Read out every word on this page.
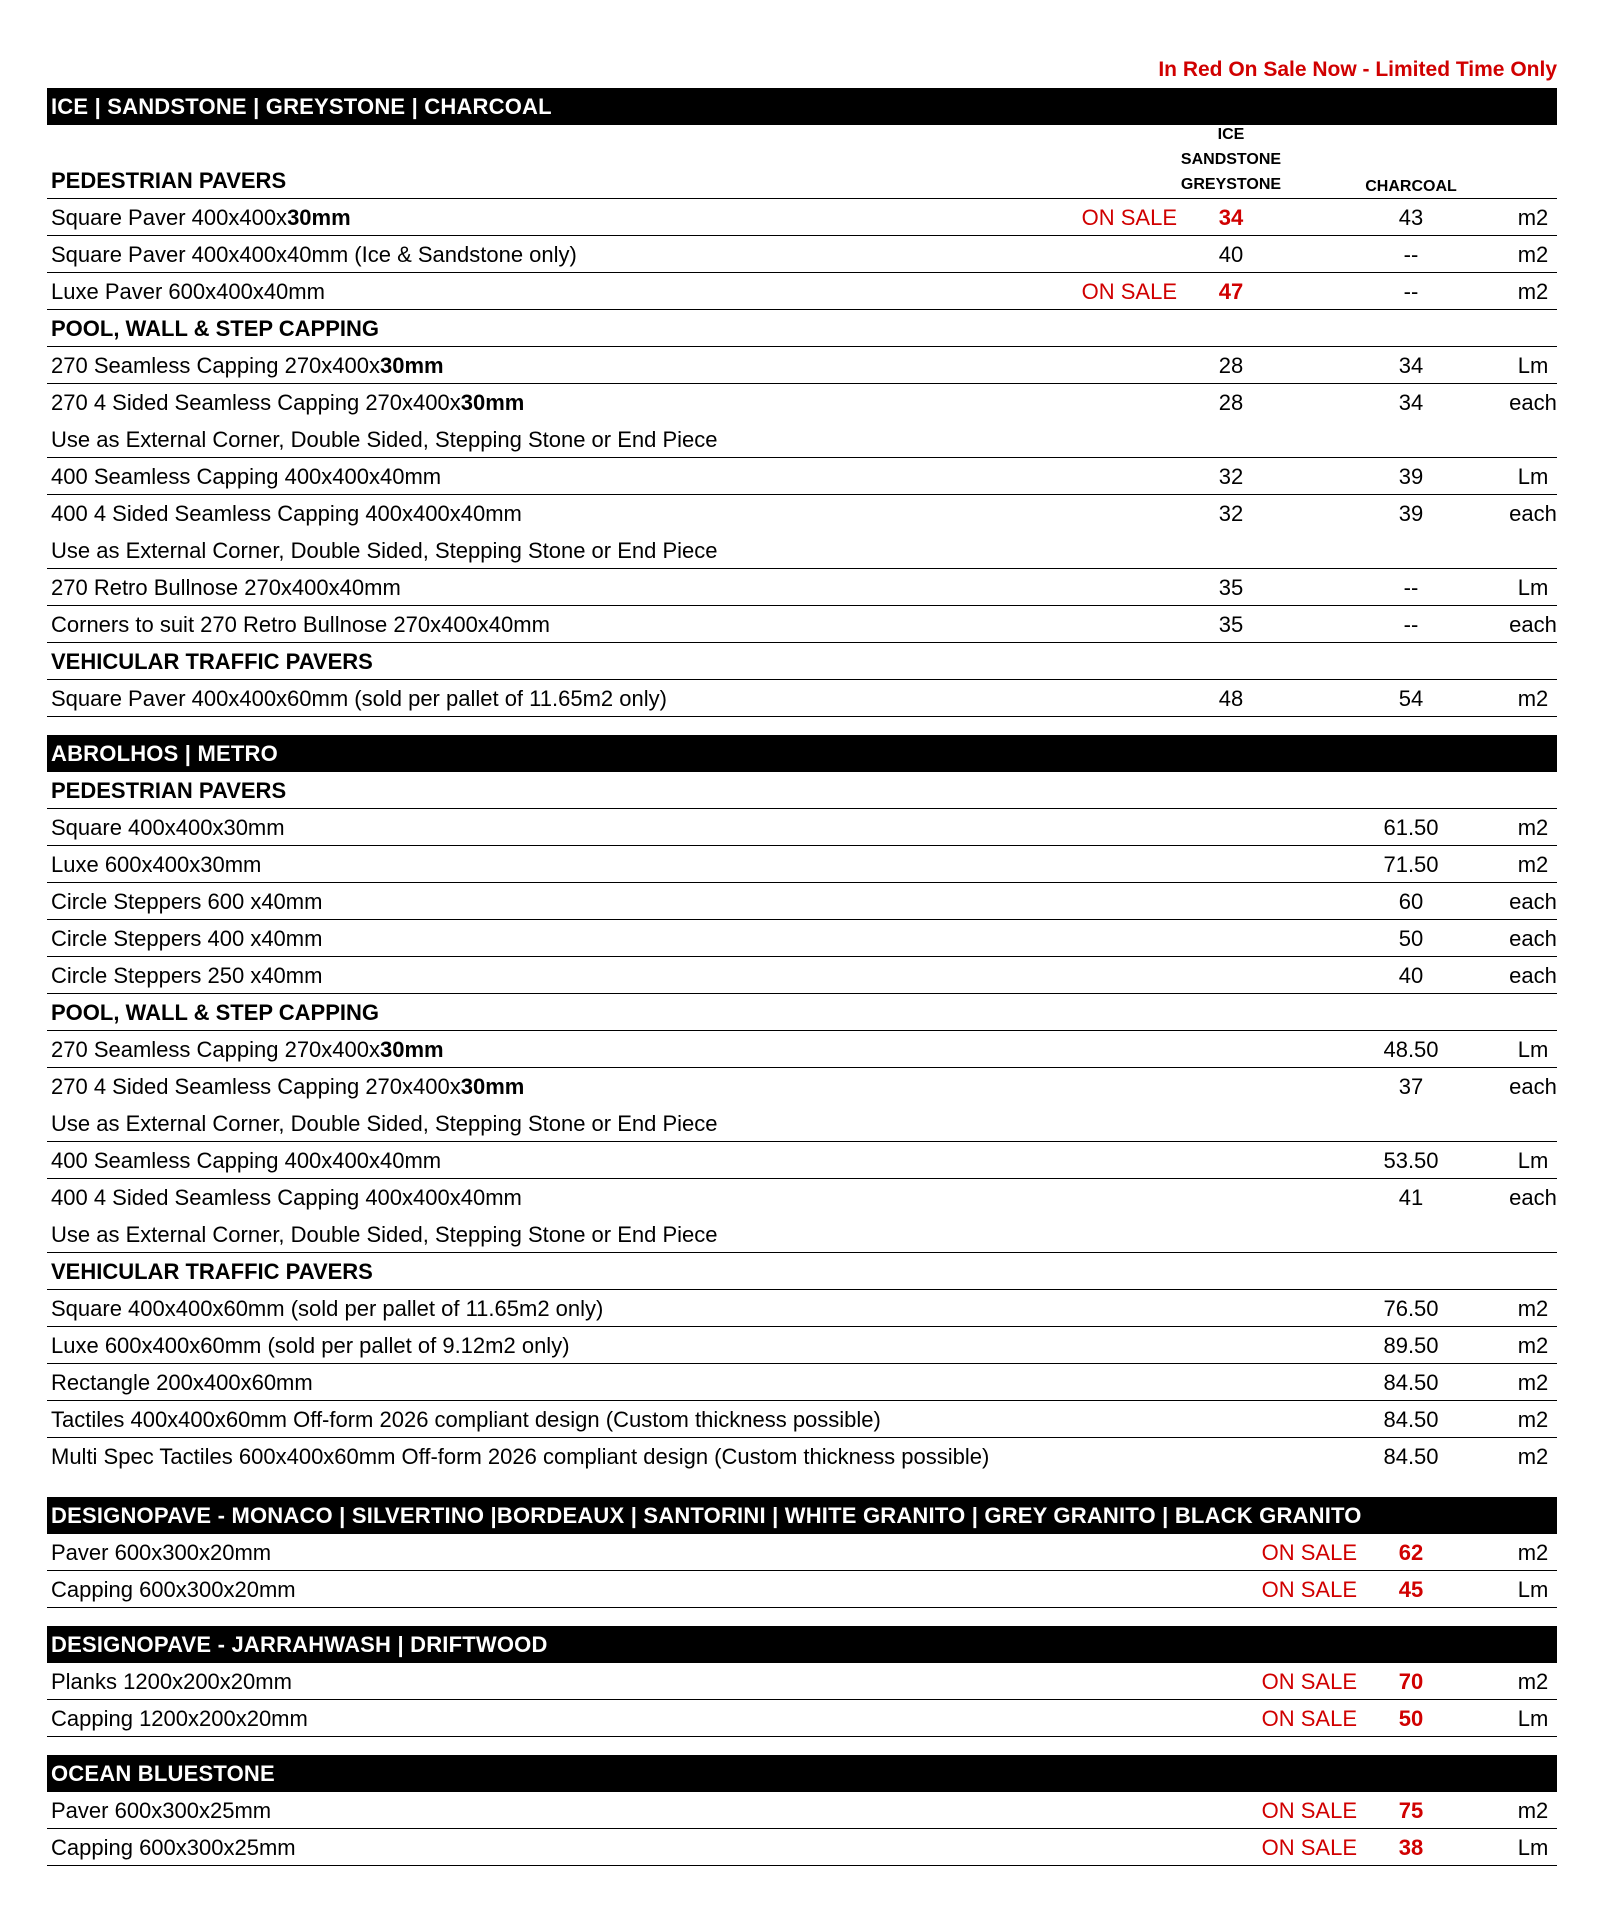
In Red On Sale Now - Limited Time Only
ICE
SANDSTONE
GREYSTONE	CHARCOAL
ICE | SANDSTONE | GREYSTONE | CHARCOAL
PEDESTRIAN PAVERS
Square Paver 400x400x30mm	ON SALE	34	43	m2
Square Paver 400x400x40mm (Ice & Sandstone only)	40	--	m2
Luxe Paver 600x400x40mm	ON SALE	47	--	m2
POOL, WALL & STEP CAPPING
270 Seamless Capping 270x400x30mm	28	34	Lm
270 4 Sided Seamless Capping 270x400x30mm	28	34	each
Use as External Corner, Double Sided, Stepping Stone or End Piece
400 Seamless Capping 400x400x40mm	32	39	Lm
400 4 Sided Seamless Capping 400x400x40mm	32	39	each
Use as External Corner, Double Sided, Stepping Stone or End Piece
270 Retro Bullnose 270x400x40mm	35	--	Lm
Corners to suit 270 Retro Bullnose 270x400x40mm	35	--	each
VEHICULAR TRAFFIC PAVERS
Square Paver 400x400x60mm (sold per pallet of 11.65m2 only)	48	54	m2
ABROLHOS | METRO
PEDESTRIAN PAVERS
Square 400x400x30mm	61.50	m2
Luxe 600x400x30mm	71.50	m2
Circle Steppers 600 x40mm	60	each
Circle Steppers 400 x40mm	50	each
Circle Steppers 250 x40mm	40	each
POOL, WALL & STEP CAPPING
270 Seamless Capping 270x400x30mm	48.50	Lm
270 4 Sided Seamless Capping 270x400x30mm	37	each
Use as External Corner, Double Sided, Stepping Stone or End Piece
400 Seamless Capping 400x400x40mm	53.50	Lm
400 4 Sided Seamless Capping 400x400x40mm	41	each
Use as External Corner, Double Sided, Stepping Stone or End Piece
VEHICULAR TRAFFIC PAVERS
Square 400x400x60mm (sold per pallet of 11.65m2 only)	76.50	m2
Luxe 600x400x60mm (sold per pallet of 9.12m2 only)	89.50	m2
Rectangle 200x400x60mm	84.50	m2
Tactiles 400x400x60mm Off-form 2026 compliant design (Custom thickness possible)	84.50	m2
Multi Spec Tactiles 600x400x60mm Off-form 2026 compliant design (Custom thickness possible)	84.50	m2
DESIGNOPAVE - MONACO | SILVERTINO |BORDEAUX | SANTORINI | WHITE GRANITO | GREY GRANITO | BLACK GRANITO
Paver 600x300x20mm	ON SALE	62	m2
Capping 600x300x20mm	ON SALE	45	Lm
DESIGNOPAVE - JARRAHWASH | DRIFTWOOD
Planks 1200x200x20mm	ON SALE	70	m2
Capping 1200x200x20mm	ON SALE	50	Lm
OCEAN BLUESTONE
Paver 600x300x25mm	ON SALE	75	m2
Capping 600x300x25mm	ON SALE	38	Lm
